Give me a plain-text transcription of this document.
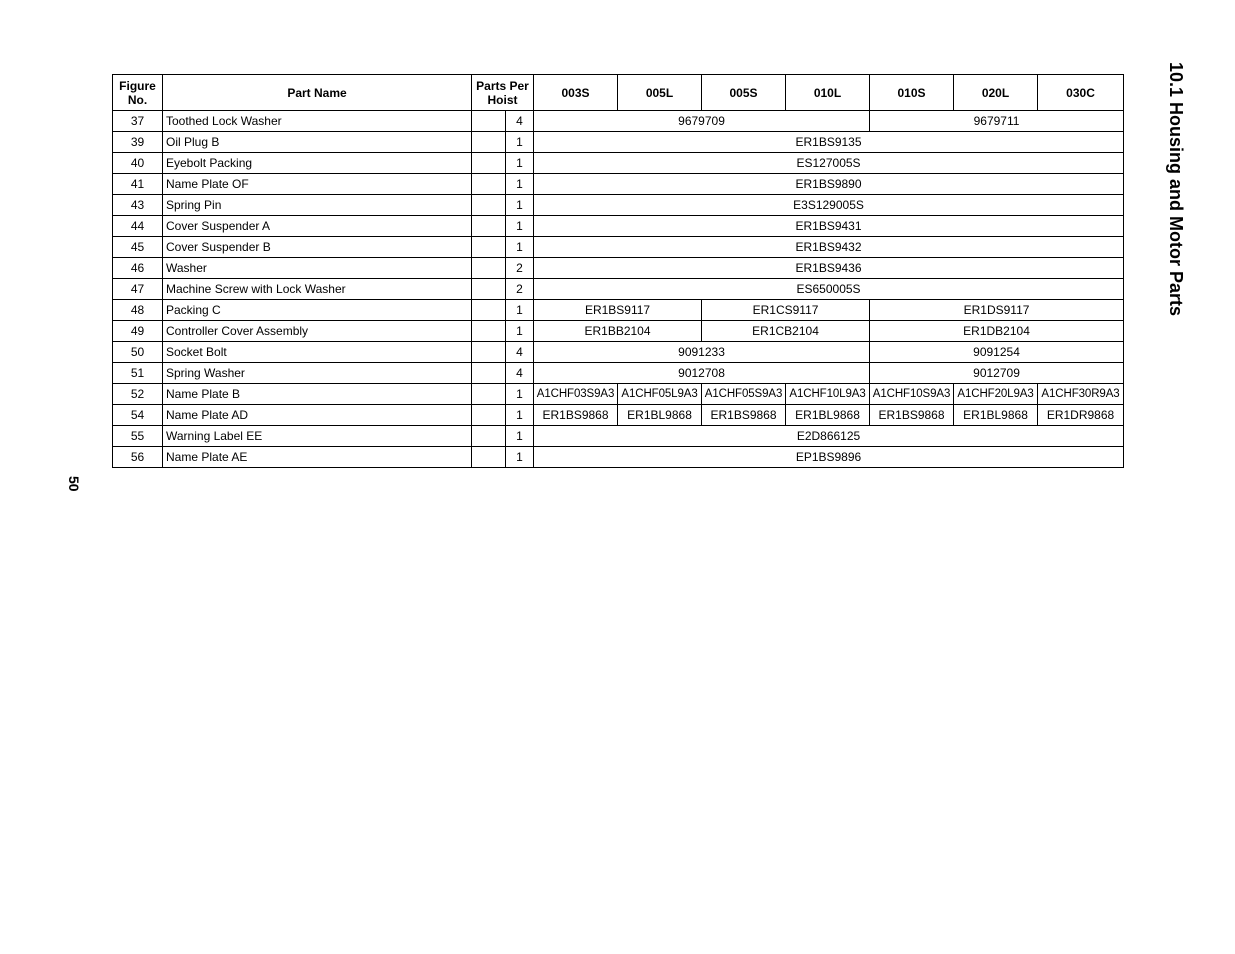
Figure
No.	Part Name	Parts Per
Hoist		003S	005L	005S	010L	010S	020L	030C
37	Toothed Lock Washer		4	9679709				9679711		
39	Oil Plug B		1	ER1BS9135						
40	Eyebolt Packing		1	ES127005S						
41	Name Plate OF		1	ER1BS9890						
43	Spring Pin		1	E3S129005S						
44	Cover Suspender A		1	ER1BS9431						
45	Cover Suspender B		1	ER1BS9432						
46	Washer		2	ER1BS9436						
47	Machine Screw with Lock Washer		2	ES650005S						
48	Packing C		1	ER1BS9117		ER1CS9117		ER1DS9117		
49	Controller Cover Assembly		1	ER1BB2104		ER1CB2104		ER1DB2104		
50	Socket Bolt		4	9091233				9091254		
51	Spring Washer		4	9012708				9012709		
52	Name Plate B		1	A1CHF03S9A3	A1CHF05L9A3	A1CHF05S9A3	A1CHF10L9A3	A1CHF10S9A3	A1CHF20L9A3	A1CHF30R9A3
54	Name Plate AD		1	ER1BS9868	ER1BL9868	ER1BS9868	ER1BL9868	ER1BS9868	ER1BL9868	ER1DR9868
55	Warning Label EE		1	E2D866125						
56	Name Plate AE		1	EP1BS9896						
10.1 Housing and Motor Parts
50
